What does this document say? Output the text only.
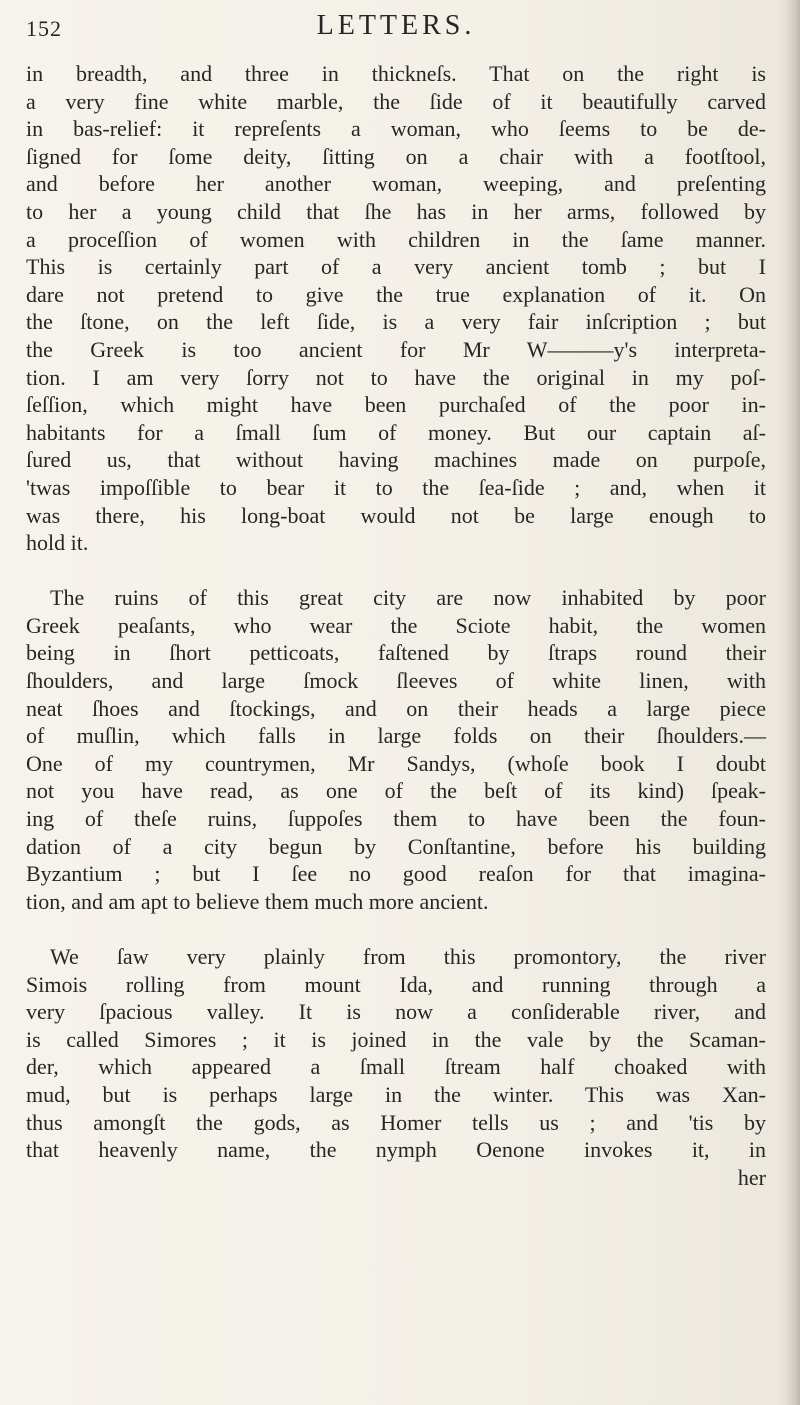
152	LETTERS.
in breadth, and three in thickneſs. That on the right is
a very fine white marble, the ſide of it beautifully carved
in bas-relief: it repreſents a woman, who ſeems to be de-
ſigned for ſome deity, ſitting on a chair with a footſtool,
and before her another woman, weeping, and preſenting
to her a young child that ſhe has in her arms, followed by
a proceſſion of women with children in the ſame manner.
This is certainly part of a very ancient tomb ; but I
dare not pretend to give the true explanation of it. On
the ſtone, on the left ſide, is a very fair inſcription ; but
the Greek is too ancient for Mr W———y's interpreta-
tion. I am very ſorry not to have the original in my poſ-
ſeſſion, which might have been purchaſed of the poor in-
habitants for a ſmall ſum of money. But our captain aſ-
ſured us, that without having machines made on purpoſe,
'twas impoſſible to bear it to the ſea-ſide ; and, when it
was there, his long-boat would not be large enough to
hold it.
The ruins of this great city are now inhabited by poor
Greek peaſants, who wear the Sciote habit, the women
being in ſhort petticoats, faſtened by ſtraps round their
ſhoulders, and large ſmock ſleeves of white linen, with
neat ſhoes and ſtockings, and on their heads a large piece
of muſlin, which falls in large folds on their ſhoulders.—
One of my countrymen, Mr Sandys, (whoſe book I doubt
not you have read, as one of the beſt of its kind) ſpeak-
ing of theſe ruins, ſuppoſes them to have been the foun-
dation of a city begun by Conſtantine, before his building
Byzantium ; but I ſee no good reaſon for that imagina-
tion, and am apt to believe them much more ancient.
We ſaw very plainly from this promontory, the river
Simois rolling from mount Ida, and running through a
very ſpacious valley. It is now a conſiderable river, and
is called Simores ; it is joined in the vale by the Scaman-
der, which appeared a ſmall ſtream half choaked with
mud, but is perhaps large in the winter. This was Xan-
thus amongſt the gods, as Homer tells us ; and 'tis by
that heavenly name, the nymph Oenone invokes it, in
her
